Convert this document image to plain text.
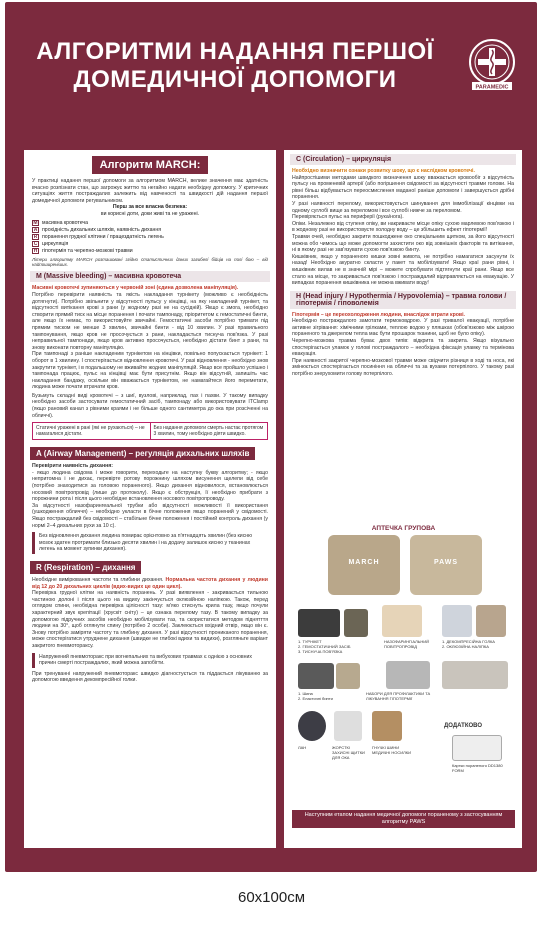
АЛГОРИТМИ НАДАННЯ ПЕРШОЇ
ДОМЕДИЧНОЇ ДОПОМОГИ	PARAMEDIC
Алгоритм MARCH:

У практиці надання першої допомоги за алгоритмом MARCH, велике значення має здатність вчасно розпізнати стан, що загрожує життю та негайно надати необхідну допомогу. У критичних ситуаціях життя постраждалих залежить від навченості та швидкості дій надання першої домедичної допомоги регувальником.

Перш за все власна безпека:

ви корисні доти, доки живі та не уражені.

M масивна кровотеча
A прохідність дихальних шляхів, наявність дихання
R поранення грудної клітини / працездатність легень
C циркуляція
H гіпотермія та черепно-мозкові травми

Літери алгоритму MARCH розташовані згідно статистичних даних загибелі бійців на полі бою – від найпоширеніших.

M (Massive bleeding) – масивна кровотеча

Масивні кровотечі зупиняються у червоній зоні (єдина дозволена маніпуляція).

Потрібно перевірити наявність та якість накладання турнікету (можливо є необхідність дотягнути). Потрібно звільнити у відсутності пульсу у кінцівці, на яку накладений турнікет, та відсутності витікання крові з рани (у жодному разі не на сусідній). Якщо є змога, необхідно створити прямий тиск на місце поранення і почати тампонаду, пріоритетом є гемостатичні бинти, але якщо їх немає, то використовуйте звичайні. Гемостатичні засоби потрібно тримати під прямим тиском не менше 3 хвилин, звичайні бинти - від 10 хвилин. У разі правильного тампонування, якщо кров не просочується з рани, накладається тиснуча пов'язка. У разі неправильної тампонади, якщо кров активно просочується, необхідно дістати бинт з рани, та знову виконати повторну маніпуляцію.

При тампонаді з раніше накладеним турнікетом на кінцівки, повільно попускається турнікет: 1 оборот в 1 хвилину. І спостерігається відновлення кровотечі. У разі відновлення - необхідно знов закрутити турнікет, і в подальшому не вживайте жодних маніпуляцій. Якщо все пройшло успішно і тампонада працює, пульс на кінцівці має бути присутнім. Якщо він відсутній, запишіть час накладання бандажу, оскільки він вважається турнікетом, не намагайтеся його переметати, людина може почати втрачати кров.

Бузьмуть складні виді кровотечі – з шиї, вузлові, наприклад, пах і пахви. У такому випадку необхідно засоби застосувати гемостатичний засіб, тампонаду або використовувати ITClamp (якщо рановий канал з рівними краями і не більше одного сантиметра до ока при розсіченні на обличчі).

Статичні уражені в рані (які не рухаються) – не намагалися дістати.
Без надання допомоги смерть настає протягом 3 хвилин, тому необхідно діяти швидко.
A (Airway Management) – регуляція дихальних шляхів

Перевірити наявність дихання:

- якщо людина свідома і може говорити, переходьте на наступну букву алгоритму; - якщо непритомна і не дихає, перевірте ротову порожнину шляхом висунення щелепи від себе (потрібно знаходитися за головою пораненого). Якщо дихання відновилося, встановлюється носовий повітропровід (лише до протоколу). Якщо є обструкція, її необхідно прибрати з порожнини рота і після цього необхідне встановлення носового повітропроводу.

За відсутності назофарингеальної трубки або відсутності можливості її використання (ушкодження обличчя) – необхідно укласти в бічне положення якщо поранений у свідомості. Якщо постраждалий без свідомості – стабільне бічне положення і постійний контроль дихання (у нормі 2–4 дихальних рухи за 10 с).

Без відновлення дихання людина помирає орієнтовно за п'ятнадцять хвилин (без кисню мозок здатен протримати близько десяти хвилин і на додачу залишок кисню у тканинах легень на момент зупинки дихання).
R (Respiration) – дихання

Необхідне вимірювання частоти та глибини дихання. Нормальна частота дихання у людини від 12 до 20 дихальних циклів (вдих-видих це один цикл).

Перевірка грудної клітки на наявність поранень. У разі виявлення - закривається тильною частиною долоні і після цього на видиху закінчується оклюзійною наліпкою. Також, перед оглядом спини, необхідна перевірка цілісності тазу: м'яко стиснуть крила тазу, якщо почули характерний звук крепітації (хрускіт сніту) – це ознака перелому тазу. В такому випадку за допомогою підручних засобів необхідно мобілізувати таз, та скористатися методом піднятття людини на 30°, щоб оглянути спину (потрібно 2 особи). Заклеюється вхідний отвір, якщо він є. Знову потрібно заміряти частоту та глибину дихання. У разі відсутності прониканого поранення, може спостерігатися утруднене дихання (швидке не глибокі вдихи та видихи), розгляньте варіант закритого пневмотораксу.

Напружений пневмоторакс при вогнепальних та вибухових травмах є однією з основних причин смерті постраждалих, який можна запобігти.

При тренуванні напружений пневмоторакс швидко діагностується та піддається лікуванню за допомогою введення декомпресійної голки.

C (Circulation) – циркуляція

Необхідно визначити ознаки розвитку шоку, що є наслідком кровотечі.

Найпростішими методами швидкого визначення шоку вважається кровообіг з відсутність пульсу на променевій артерії (або погіршення свідомості за відсутності травми голови. На рівні більш відбувається переосмислення маданої раніше допомоги і завершується дрібні поранення.

У разі наявності перелому, використовується шинування для іммобілізації кінцівки на одному суглобі вище за переломом і все суглобі нижче за переломом.

Перевіряється пульс на периферії (рука/нога).

Опіки. Незалежно від ступеня опіку, ви накриваєте місце опіку сухою марлевою пов'язкою і в жодному разі не використовуєте холодну воду – це збільшить ефект гіпотермії!

Травми очей, необхідно закрити пошкоджене око спеціальним щитком, за його відсутності можна обо чимось що може допомогти захистити око від зовнішніх факторів та витікання, ні в якому разі не зав'язувати сухою пов'язкою бинту.

Кишківник, якщо у пораненого кишки зовні живота, не потрібно намагатися засунути їх назад! Необхідно акуратно скласти у пакет та мобілізувати! Якщо краї рани рівні, і кишківник вилав не в значній мірі – можете спробувати підтягнути краї рани. Якщо все стало на місце, то закривається пов'язкою і постраждалий відправляється на евакуацію. У випадках поранення кишківника не можна вживати воду!

H (Head injury / Hypothermia / Hypovolemia) – травма голови / гіпотермія / гіповолемія

Гіпотермія – це переохолодження людини, внаслідок втрати крові.

Необхідно постраждалого замотати термоковдрою. У разі тривалої евакуації, потрібне активне зігрівання: хімічними грілками, теплою водою у пляшках (обов'язково між шкірою пораненого та джерелом тепла має бути прошарок тканини, щоб не було опіку).

Черепно-мозкова травма буває двох типів: відкрита та закрита. Якщо візуально спостерігається уламок у голові постраждалого – необхідна фіксація уламку та термінова евакуація.

При наявності закритої черепно-мозкової травми може свідчити різниця в ході та носа, які змінюється спостерігається посиніння на обличчі та за вухами потерпілого. У такому разі потрібно знерухомити голову потерпілого.

АПТЕЧКА ГРУПОВА
MARCH	PAWS
1. ТУРНІКЕТ
2. ГЕМОСТАТИЧНИЙ ЗАСІБ
3. ТИСНУЧА ПОВ'ЯЗКА
НАЗОФАРИНГІАЛЬНИЙ ПОВІТРОПРОВІД
1. ДЕКОМПРЕСІЙНА ГОЛКА
2. ОКЛЮЗІЙНА НАЛІПКА
1. Шина
2. Еластичні бинти
НАБОРИ ДЛЯ ПРОФІЛАКТИКИ ТА ЛІКУВАННЯ ГІПОТЕРМІЇ
ДОДАТКОВО
ЛАН	ЖОРСТКІ ЗАХИСНІ ЩИТКИ ДЛЯ ОКА
ГНУЧКІ ШИНИ МЕДИЧНІ НОСИЛКИ
Картки пораненого DD1380 FORM
Наступним етапом надання медичної допомоги пораненому з застосуванням алгоритму PAWS
60x100см
